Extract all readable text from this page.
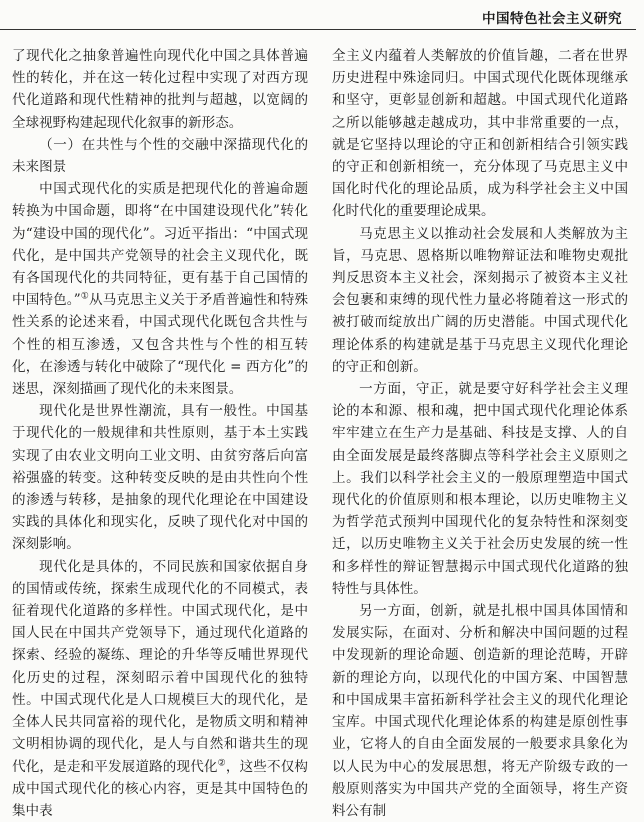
中国特色社会主义研究

了现代化之抽象普遍性向现代化中国之具体普遍性的转化，并在这一转化过程中实现了对西方现代化道路和现代性精神的批判与超越，以宽阔的全球视野构建起现代化叙事的新形态。

（一）在共性与个性的交融中深描现代化的未来图景

中国式现代化的实质是把现代化的普遍命题转换为中国命题，即将“在中国建设现代化”转化为“建设中国的现代化”。习近平指出：“中国式现代化，是中国共产党领导的社会主义现代化，既有各国现代化的共同特征，更有基于自己国情的中国特色。”①从马克思主义关于矛盾普遍性和特殊性关系的论述来看，中国式现代化既包含共性与个性的相互渗透，又包含共性与个性的相互转化，在渗透与转化中破除了“现代化 = 西方化”的迷思，深刻描画了现代化的未来图景。

现代化是世界性潮流，具有一般性。中国基于现代化的一般规律和共性原则，基于本土实践实现了由农业文明向工业文明、由贫穷落后向富裕强盛的转变。这种转变反映的是由共性向个性的渗透与转移，是抽象的现代化理论在中国建设实践的具体化和现实化，反映了现代化对中国的深刻影响。

现代化是具体的，不同民族和国家依据自身的国情或传统，探索生成现代化的不同模式，表征着现代化道路的多样性。中国式现代化，是中国人民在中国共产党领导下，通过现代化道路的探索、经验的凝练、理论的升华等反哺世界现代化历史的过程，深刻昭示着中国现代化的独特性。中国式现代化是人口规模巨大的现代化，是全体人民共同富裕的现代化，是物质文明和精神文明相协调的现代化，是人与自然和谐共生的现代化，是走和平发展道路的现代化②，这些不仅构成中国式现代化的核心内容，更是其中国特色的集中表

全主义内蕴着人类解放的价值旨趣，二者在世界历史进程中殊途同归。中国式现代化既体现继承和坚守，更彰显创新和超越。中国式现代化道路之所以能够越走越成功，其中非常重要的一点，就是它坚持以理论的守正和创新相结合引领实践的守正和创新相统一，充分体现了马克思主义中国化时代化的理论品质，成为科学社会主义中国化时代化的重要理论成果。

马克思主义以推动社会发展和人类解放为主旨，马克思、恩格斯以唯物辩证法和唯物史观批判反思资本主义社会，深刻揭示了被资本主义社会包裹和束缚的现代性力量必将随着这一形式的被打破而绽放出广阔的历史潜能。中国式现代化理论体系的构建就是基于马克思主义现代化理论的守正和创新。

一方面，守正，就是要守好科学社会主义理论的本和源、根和魂，把中国式现代化理论体系牢牢建立在生产力是基础、科技是支撑、人的自由全面发展是最终落脚点等科学社会主义原则之上。我们以科学社会主义的一般原理塑造中国式现代化的价值原则和根本理论，以历史唯物主义为哲学范式预判中国现代化的复杂特性和深刻变迁，以历史唯物主义关于社会历史发展的统一性和多样性的辩证智慧揭示中国式现代化道路的独特性与具体性。

另一方面，创新，就是扎根中国具体国情和发展实际，在面对、分析和解决中国问题的过程中发现新的理论命题、创造新的理论范畴，开辟新的理论方向，以现代化的中国方案、中国智慧和中国成果丰富拓新科学社会主义的现代化理论宝库。中国式现代化理论体系的构建是原创性事业，它将人的自由全面发展的一般要求具象化为以人民为中心的发展思想，将无产阶级专政的一般原则落实为中国共产党的全面领导，将生产资料公有制
